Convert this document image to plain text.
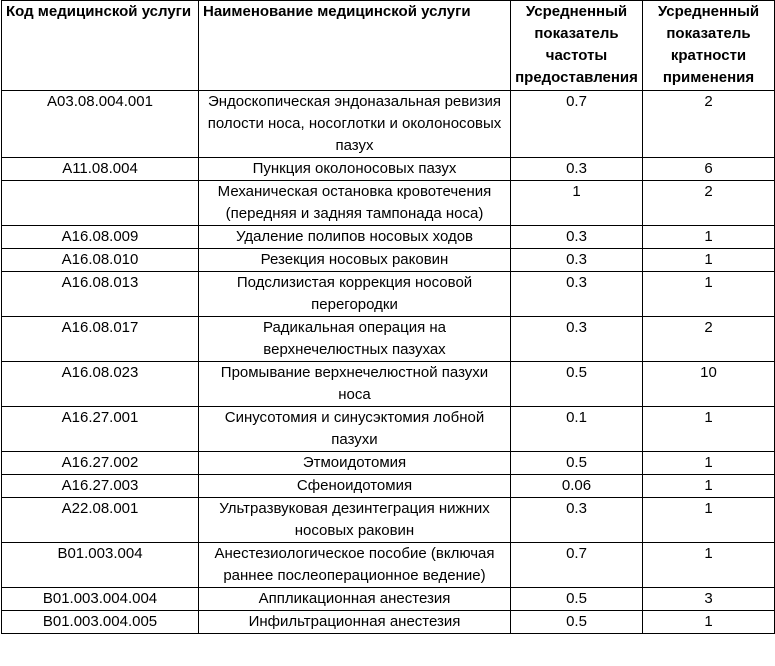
Код медицинской услуги	Наименование медицинской услуги	Усредненный показатель частоты предоставления	Усредненный показатель кратности применения
A03.08.004.001	Эндоскопическая эндоназальная ревизия полости носа, носоглотки и околоносовых пазух	0.7	2
A11.08.004	Пункция околоносовых пазух	0.3	6
	Механическая остановка кровотечения (передняя и задняя тампонада носа)	1	2
A16.08.009	Удаление полипов носовых ходов	0.3	1
A16.08.010	Резекция носовых раковин	0.3	1
A16.08.013	Подслизистая коррекция носовой перегородки	0.3	1
A16.08.017	Радикальная операция на верхнечелюстных пазухах	0.3	2
A16.08.023	Промывание верхнечелюстной пазухи носа	0.5	10
A16.27.001	Синусотомия и синусэктомия лобной пазухи	0.1	1
A16.27.002	Этмоидотомия	0.5	1
A16.27.003	Сфеноидотомия	0.06	1
A22.08.001	Ультразвуковая дезинтеграция нижних носовых раковин	0.3	1
B01.003.004	Анестезиологическое пособие (включая раннее послеоперационное ведение)	0.7	1
B01.003.004.004	Аппликационная анестезия	0.5	3
B01.003.004.005	Инфильтрационная анестезия	0.5	1
